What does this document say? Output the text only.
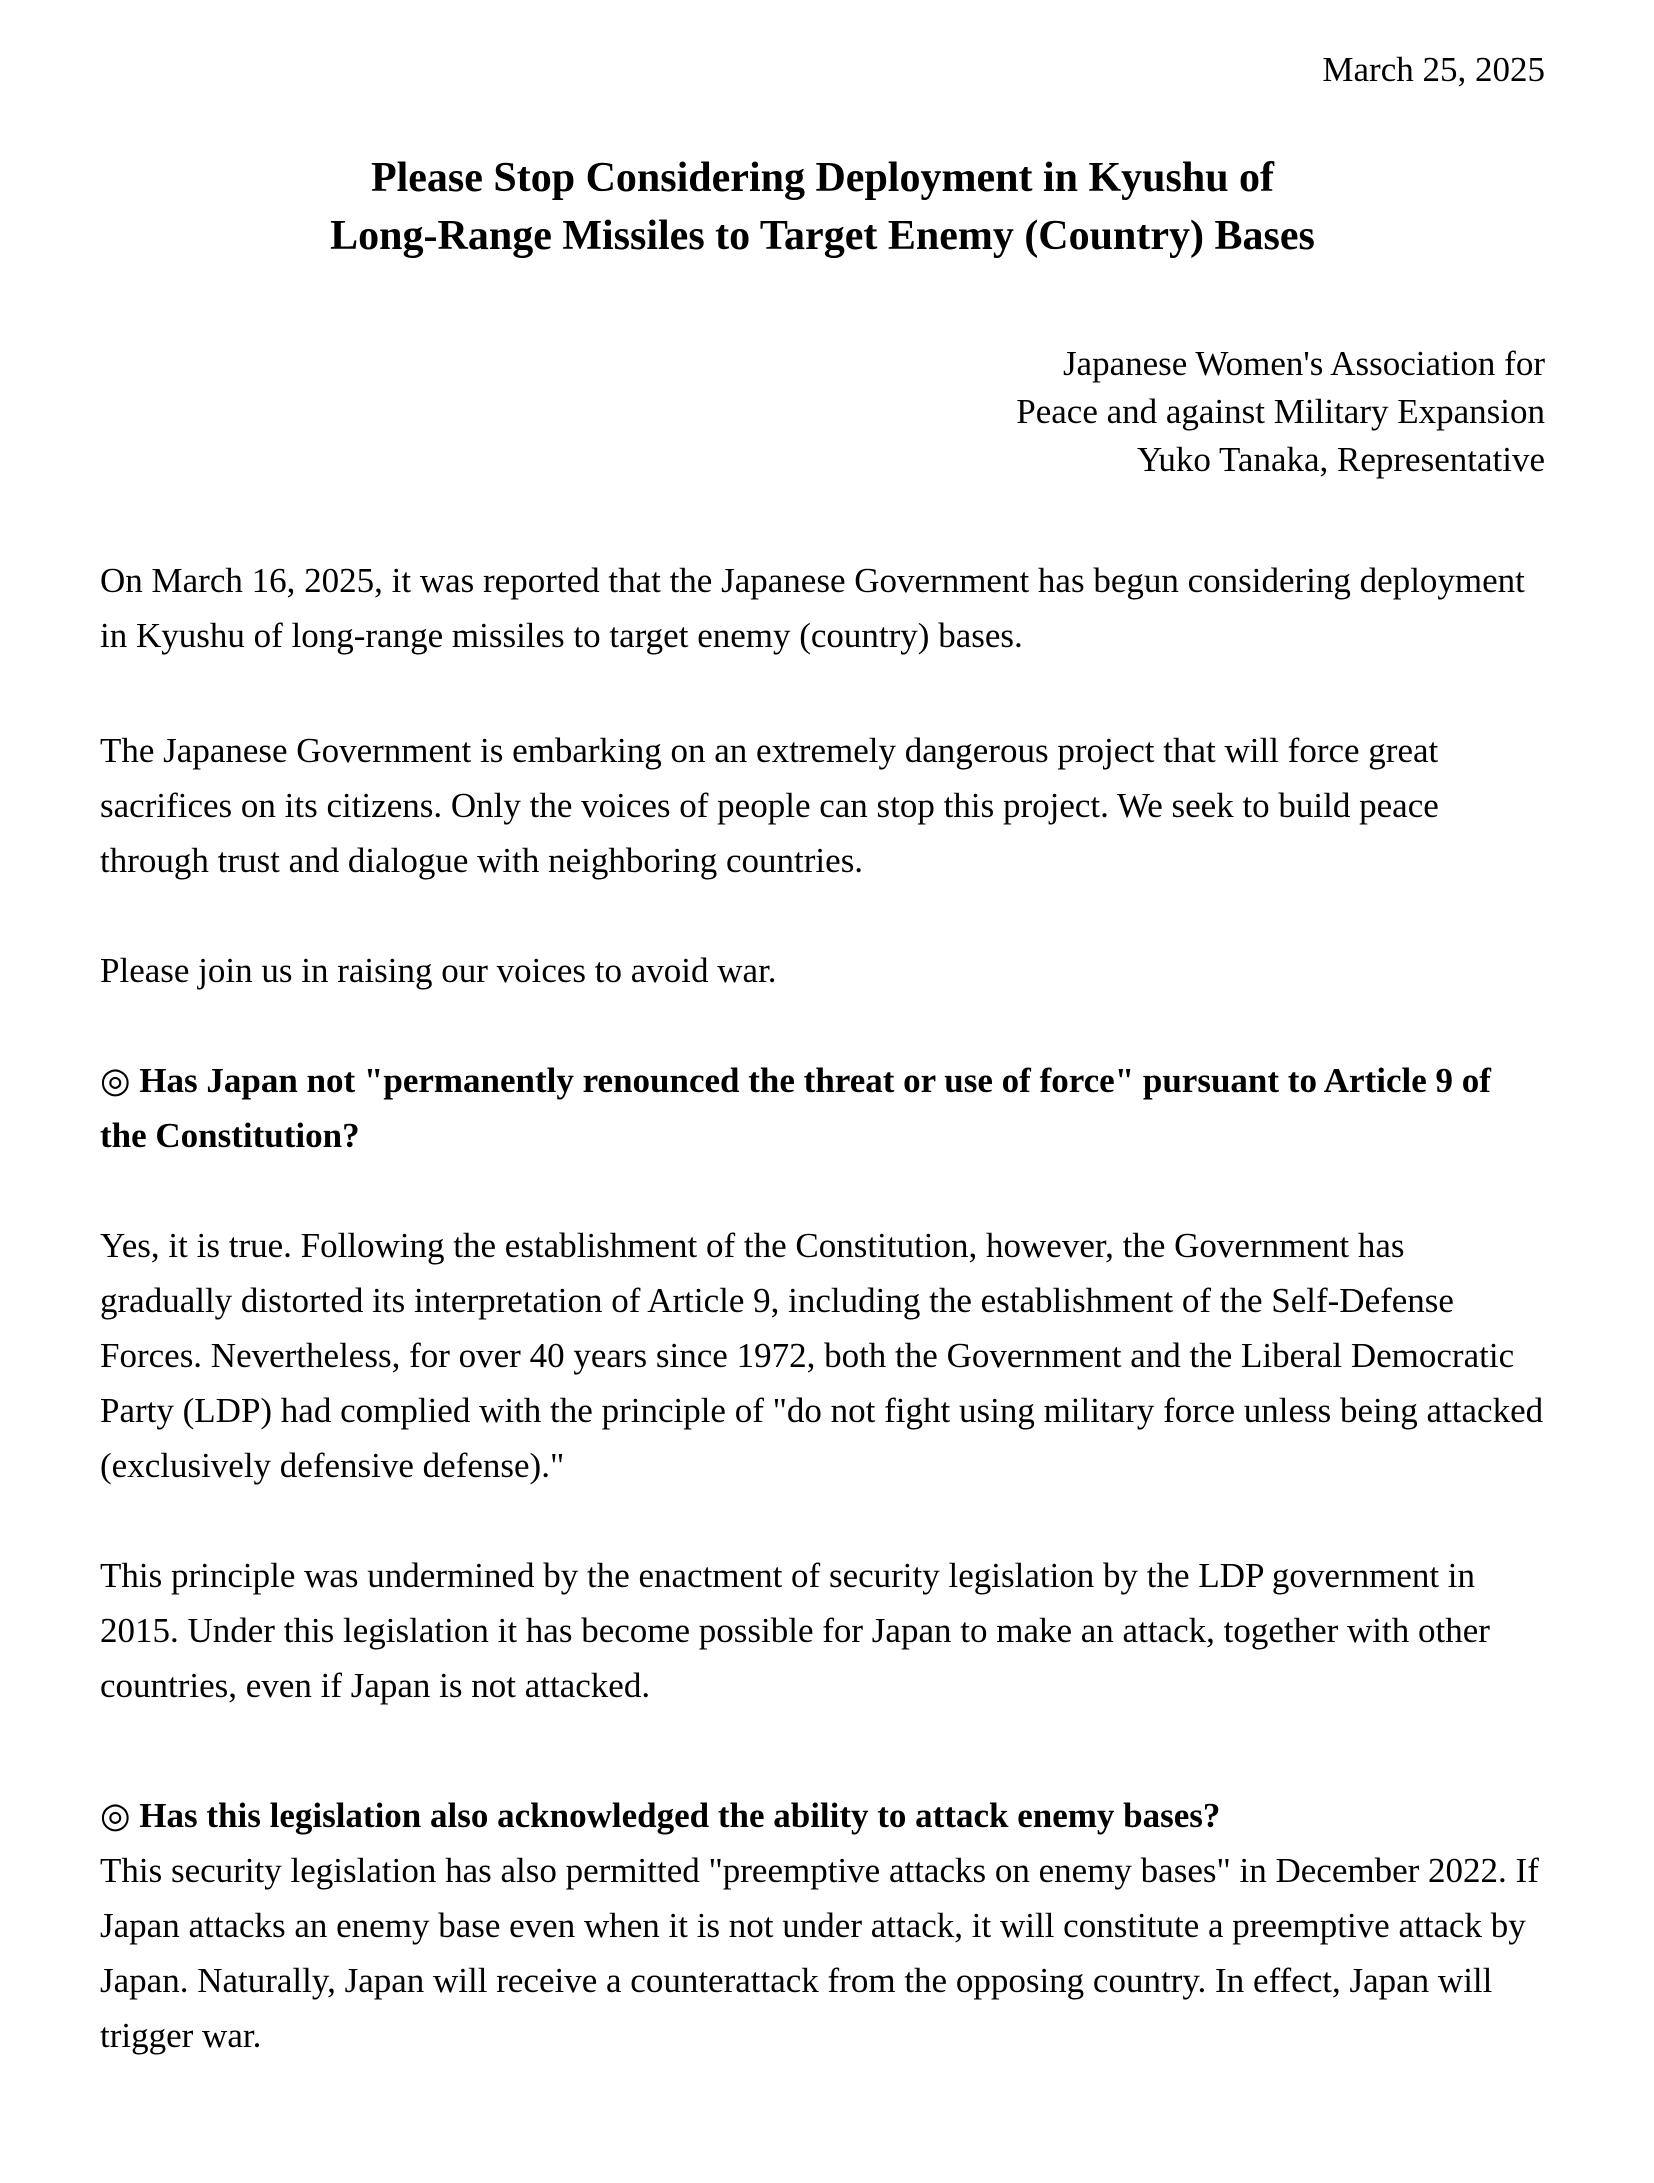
March 25, 2025
Please Stop Considering Deployment in Kyushu of
Long-Range Missiles to Target Enemy (Country) Bases
Japanese Women's Association for
Peace and against Military Expansion
Yuko Tanaka, Representative

On March 16, 2025, it was reported that the Japanese Government has begun considering deployment in Kyushu of long-range missiles to target enemy (country) bases.

The Japanese Government is embarking on an extremely dangerous project that will force great sacrifices on its citizens. Only the voices of people can stop this project. We seek to build peace through trust and dialogue with neighboring countries.

Please join us in raising our voices to avoid war.

◎ Has Japan not "permanently renounced the threat or use of force" pursuant to Article 9 of the Constitution?

Yes, it is true. Following the establishment of the Constitution, however, the Government has gradually distorted its interpretation of Article 9, including the establishment of the Self-Defense Forces. Nevertheless, for over 40 years since 1972, both the Government and the Liberal Democratic Party (LDP) had complied with the principle of "do not fight using military force unless being attacked (exclusively defensive defense)."

This principle was undermined by the enactment of security legislation by the LDP government in 2015. Under this legislation it has become possible for Japan to make an attack, together with other countries, even if Japan is not attacked.

◎ Has this legislation also acknowledged the ability to attack enemy bases?

This security legislation has also permitted "preemptive attacks on enemy bases" in December 2022. If Japan attacks an enemy base even when it is not under attack, it will constitute a preemptive attack by Japan. Naturally, Japan will receive a counterattack from the opposing country. In effect, Japan will trigger war.
